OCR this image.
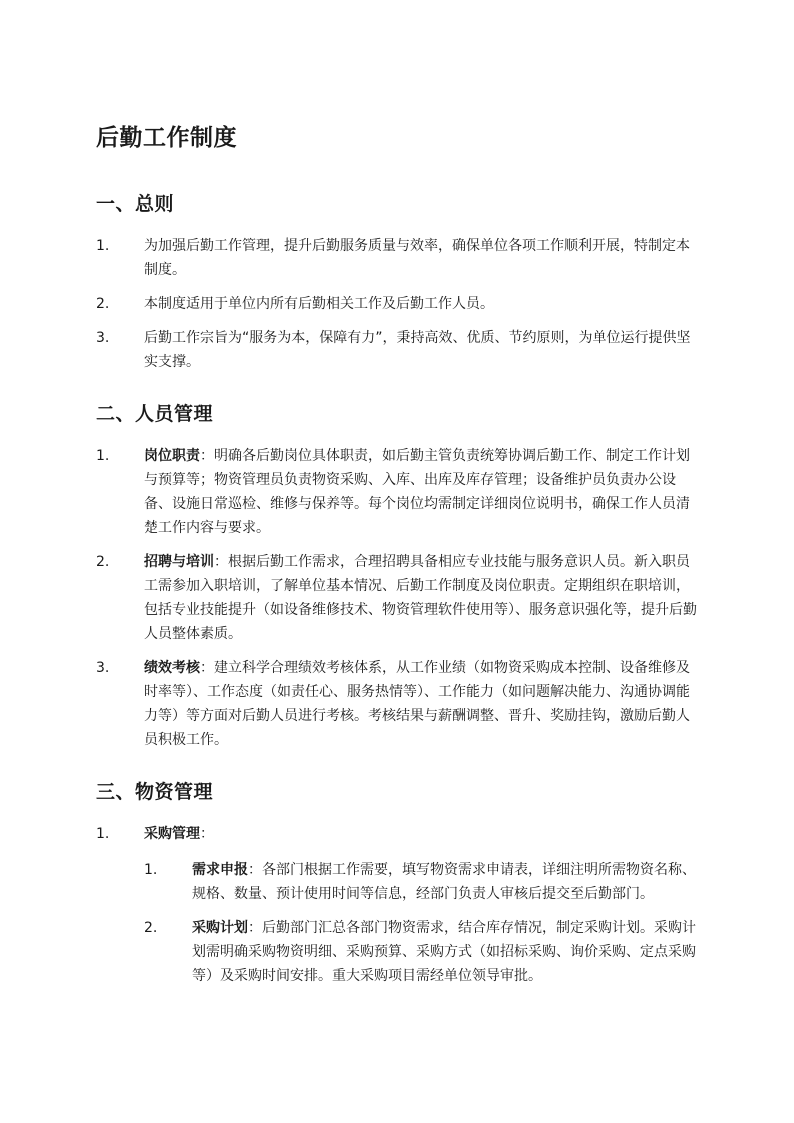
后勤工作制度
一、总则
1.	为加强后勤工作管理，提升后勤服务质量与效率，确保单位各项工作顺利开展，特制定本制度。
2.	本制度适用于单位内所有后勤相关工作及后勤工作人员。
3.	后勤工作宗旨为“服务为本，保障有力”，秉持高效、优质、节约原则，为单位运行提供坚实支撑。
二、人员管理
1.	岗位职责：明确各后勤岗位具体职责，如后勤主管负责统筹协调后勤工作、制定工作计划与预算等；物资管理员负责物资采购、入库、出库及库存管理；设备维护员负责办公设备、设施日常巡检、维修与保养等。每个岗位均需制定详细岗位说明书，确保工作人员清楚工作内容与要求。
2.	招聘与培训：根据后勤工作需求，合理招聘具备相应专业技能与服务意识人员。新入职员工需参加入职培训，了解单位基本情况、后勤工作制度及岗位职责。定期组织在职培训，包括专业技能提升（如设备维修技术、物资管理软件使用等）、服务意识强化等，提升后勤人员整体素质。
3.	绩效考核：建立科学合理绩效考核体系，从工作业绩（如物资采购成本控制、设备维修及时率等）、工作态度（如责任心、服务热情等）、工作能力（如问题解决能力、沟通协调能力等）等方面对后勤人员进行考核。考核结果与薪酬调整、晋升、奖励挂钩，激励后勤人员积极工作。
三、物资管理
1.	采购管理：
1.	需求申报：各部门根据工作需要，填写物资需求申请表，详细注明所需物资名称、规格、数量、预计使用时间等信息，经部门负责人审核后提交至后勤部门。
2.	采购计划：后勤部门汇总各部门物资需求，结合库存情况，制定采购计划。采购计划需明确采购物资明细、采购预算、采购方式（如招标采购、询价采购、定点采购等）及采购时间安排。重大采购项目需经单位领导审批。
